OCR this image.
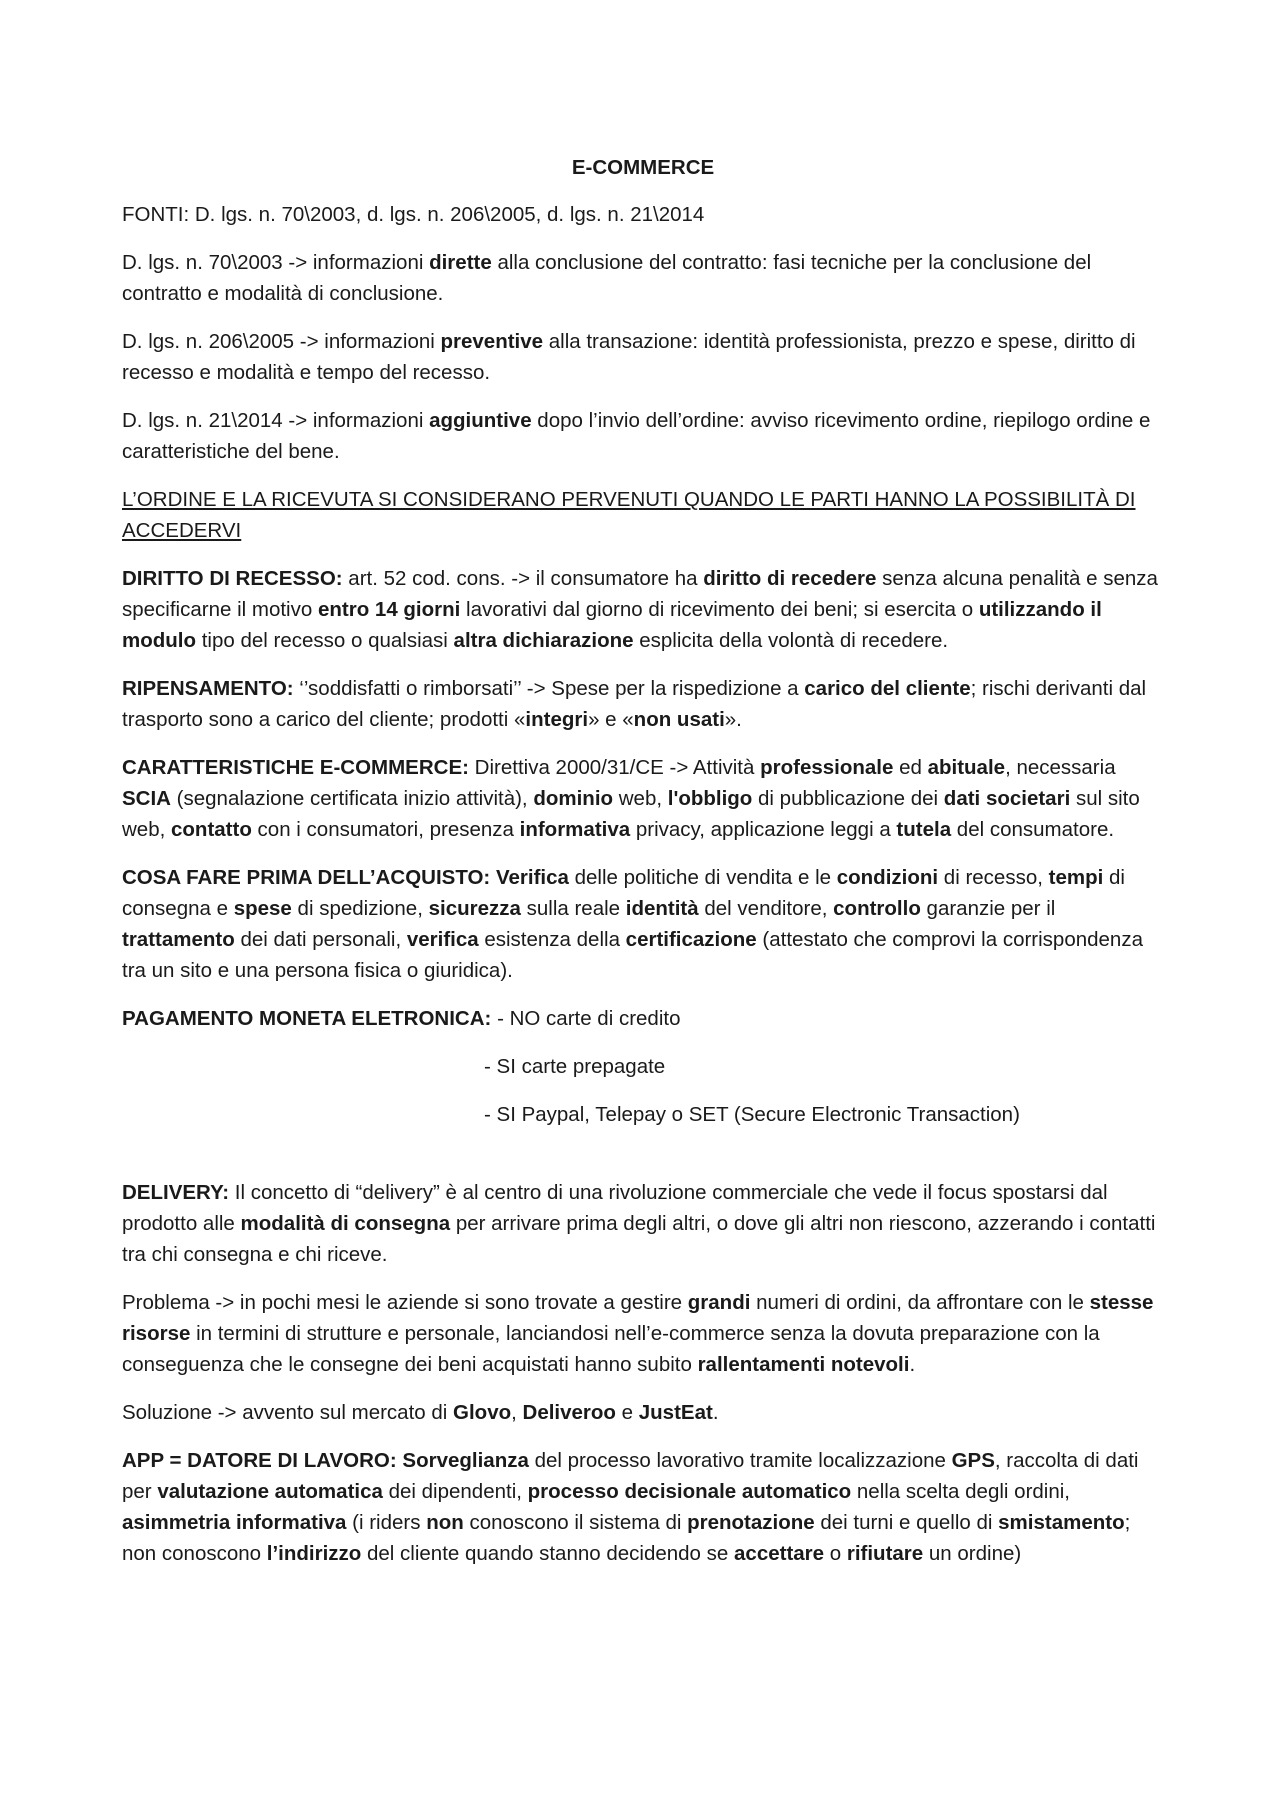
E-COMMERCE

FONTI: D. lgs. n. 70\2003, d. lgs. n. 206\2005, d. lgs. n. 21\2014

D. lgs. n. 70\2003 -> informazioni dirette alla conclusione del contratto: fasi tecniche per la conclusione del contratto e modalità di conclusione.

D. lgs. n. 206\2005 -> informazioni preventive alla transazione: identità professionista, prezzo e spese, diritto di recesso e modalità e tempo del recesso.

D. lgs. n. 21\2014 -> informazioni aggiuntive dopo l’invio dell’ordine: avviso ricevimento ordine, riepilogo ordine e caratteristiche del bene.

L’ORDINE E LA RICEVUTA SI CONSIDERANO PERVENUTI QUANDO LE PARTI HANNO LA POSSIBILITÀ DI ACCEDERVI

DIRITTO DI RECESSO: art. 52 cod. cons. -> il consumatore ha diritto di recedere senza alcuna penalità e senza specificarne il motivo entro 14 giorni lavorativi dal giorno di ricevimento dei beni; si esercita o utilizzando il modulo tipo del recesso o qualsiasi altra dichiarazione esplicita della volontà di recedere.

RIPENSAMENTO: ‘’soddisfatti o rimborsati’’ -> Spese per la rispedizione a carico del cliente; rischi derivanti dal trasporto sono a carico del cliente; prodotti «integri» e «non usati».

CARATTERISTICHE E-COMMERCE: Direttiva 2000/31/CE -> Attività professionale ed abituale, necessaria SCIA (segnalazione certificata inizio attività), dominio web, l'obbligo di pubblicazione dei dati societari sul sito web, contatto con i consumatori, presenza informativa privacy, applicazione leggi a tutela del consumatore.

COSA FARE PRIMA DELL’ACQUISTO: Verifica delle politiche di vendita e le condizioni di recesso, tempi di consegna e spese di spedizione, sicurezza sulla reale identità del venditore, controllo garanzie per il trattamento dei dati personali, verifica esistenza della certificazione (attestato che comprovi la corrispondenza tra un sito e una persona fisica o giuridica).

PAGAMENTO MONETA ELETRONICA: - NO carte di credito

- SI carte prepagate

- SI Paypal, Telepay o SET (Secure Electronic Transaction)

DELIVERY: Il concetto di “delivery” è al centro di una rivoluzione commerciale che vede il focus spostarsi dal prodotto alle modalità di consegna per arrivare prima degli altri, o dove gli altri non riescono, azzerando i contatti tra chi consegna e chi riceve.

Problema -> in pochi mesi le aziende si sono trovate a gestire grandi numeri di ordini, da affrontare con le stesse risorse in termini di strutture e personale, lanciandosi nell’e-commerce senza la dovuta preparazione con la conseguenza che le consegne dei beni acquistati hanno subito rallentamenti notevoli.

Soluzione -> avvento sul mercato di Glovo, Deliveroo e JustEat.

APP = DATORE DI LAVORO: Sorveglianza del processo lavorativo tramite localizzazione GPS, raccolta di dati per valutazione automatica dei dipendenti, processo decisionale automatico nella scelta degli ordini, asimmetria informativa (i riders non conoscono il sistema di prenotazione dei turni e quello di smistamento; non conoscono l’indirizzo del cliente quando stanno decidendo se accettare o rifiutare un ordine)
